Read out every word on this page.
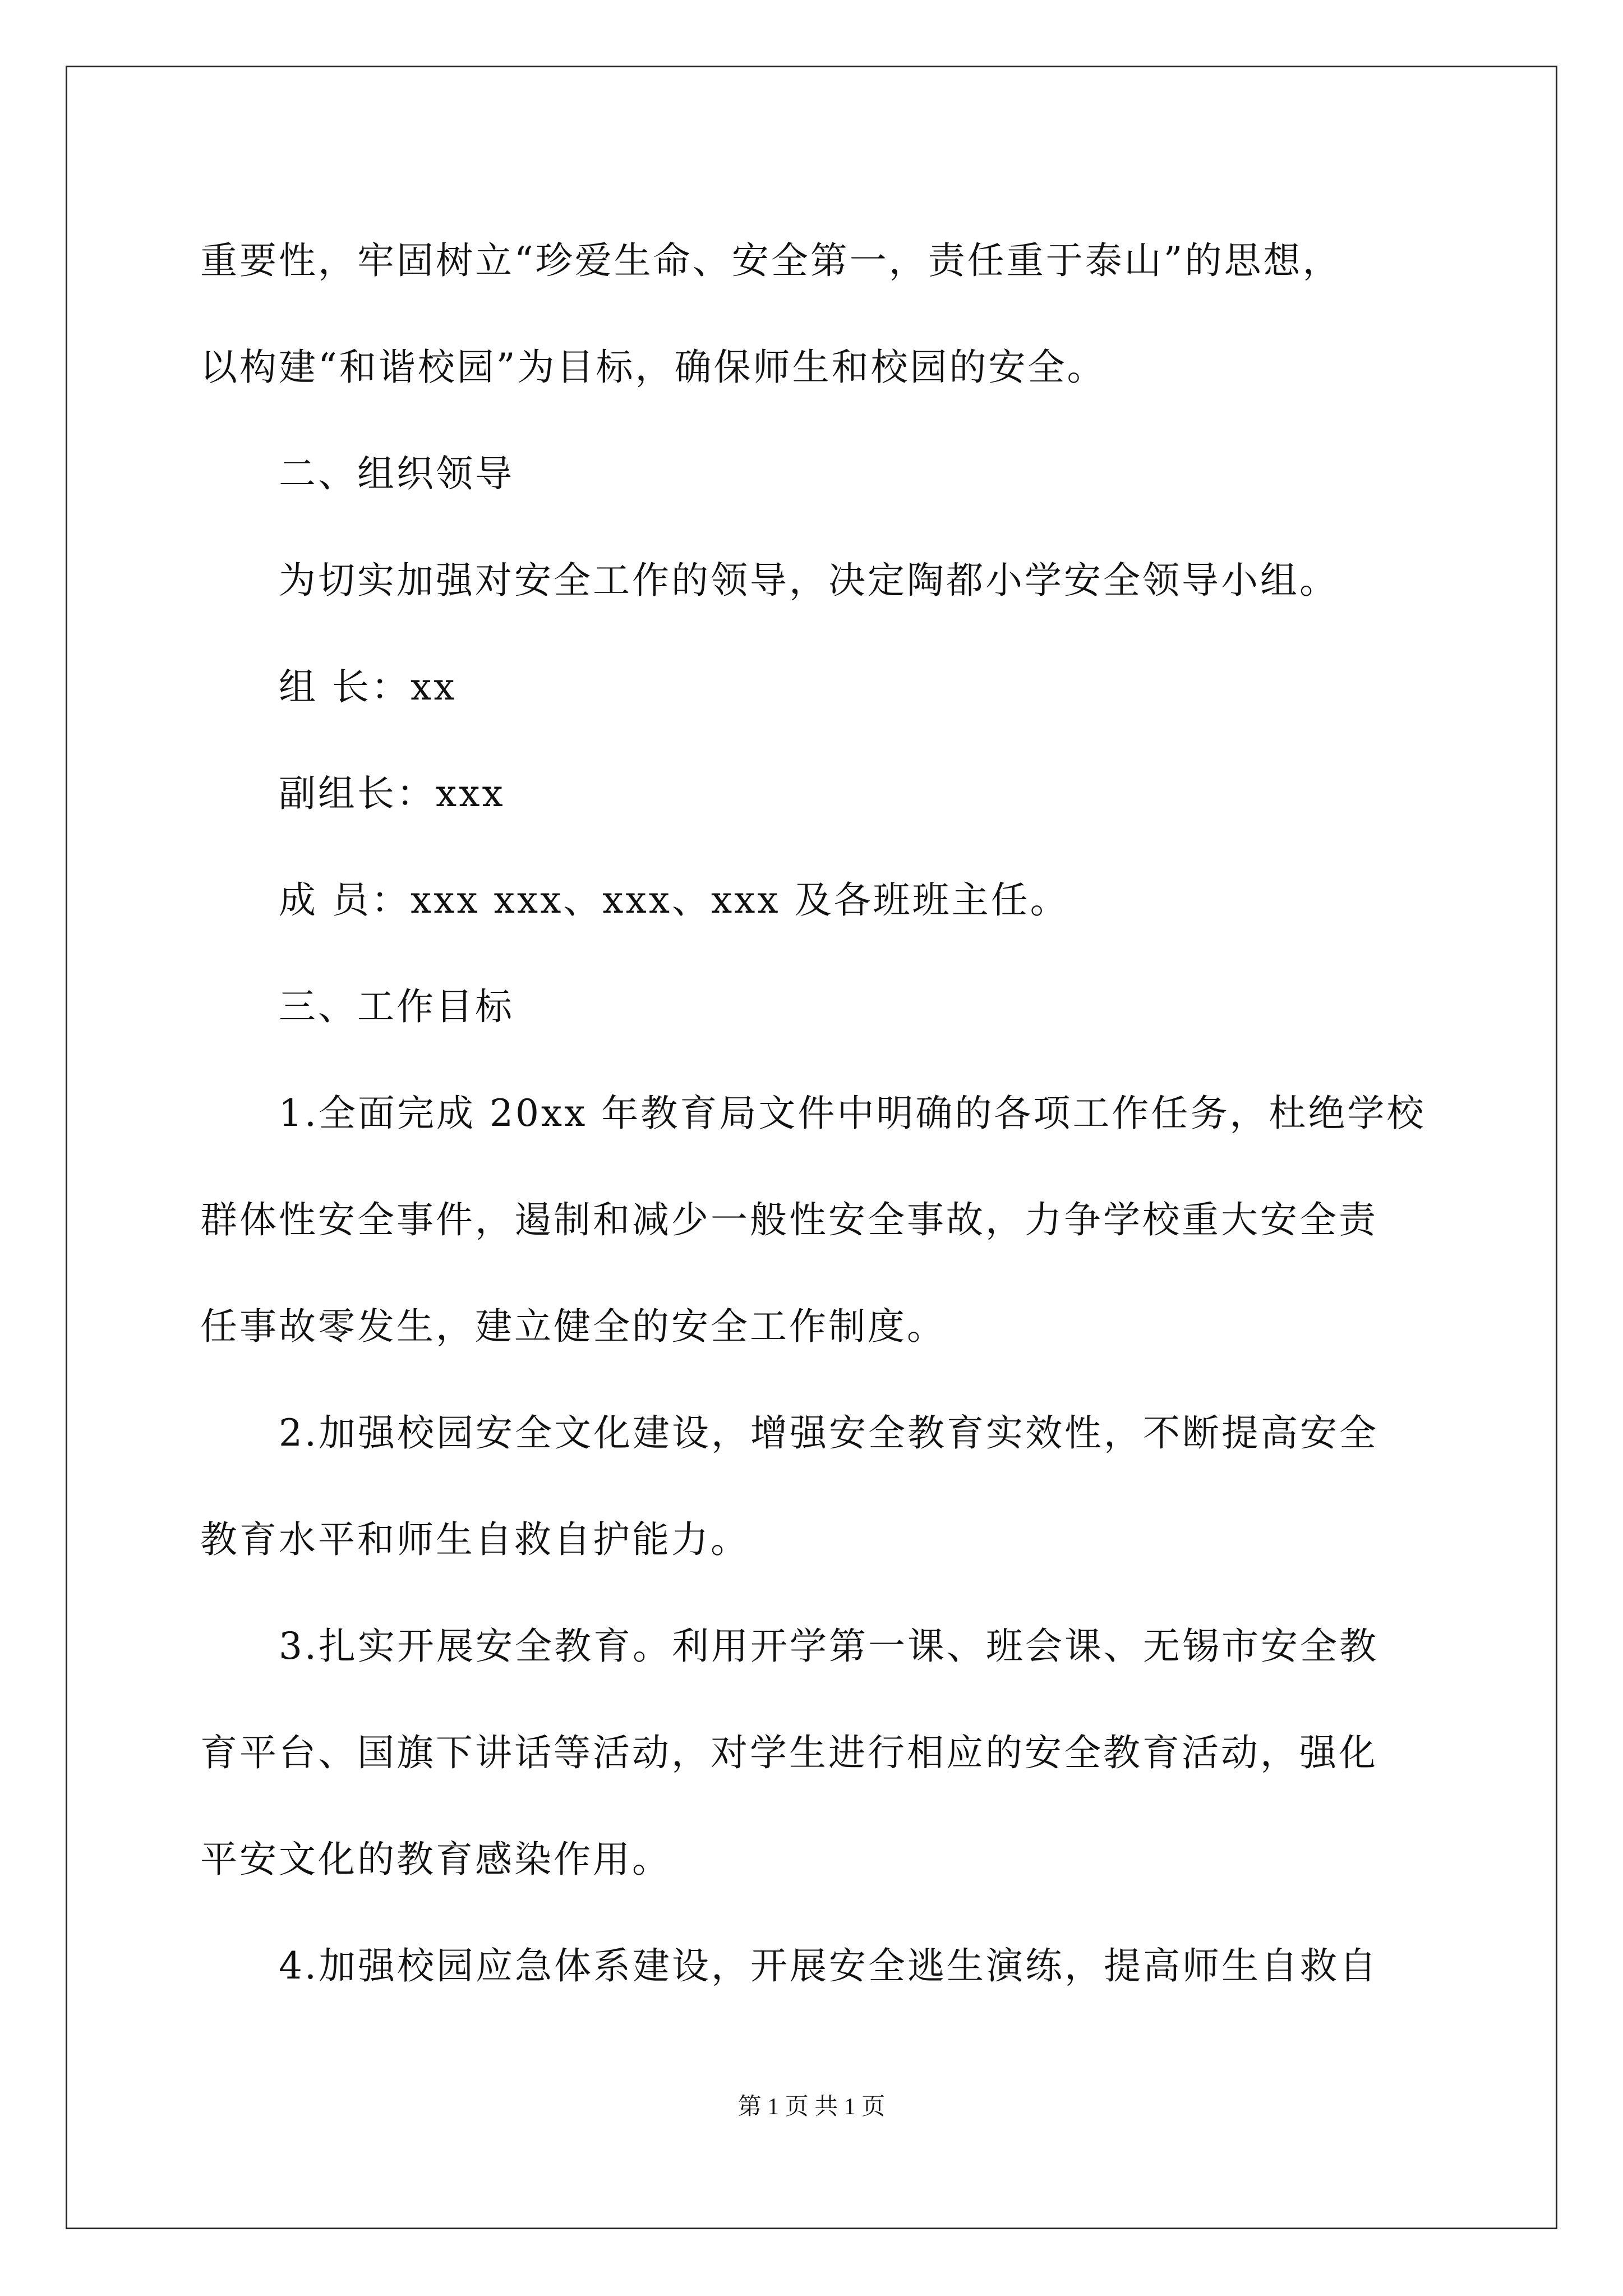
重要性，牢固树立“珍爱生命、安全第一，责任重于泰山”的思想，
以构建“和谐校园”为目标，确保师生和校园的安全。
二、组织领导
为切实加强对安全工作的领导，决定陶都小学安全领导小组。
组 长：xx
副组长：xxx
成 员：xxx xxx、xxx、xxx 及各班班主任。
三、工作目标
1.全面完成 20xx 年教育局文件中明确的各项工作任务，杜绝学校
群体性安全事件，遏制和减少一般性安全事故，力争学校重大安全责
任事故零发生，建立健全的安全工作制度。
2.加强校园安全文化建设，增强安全教育实效性，不断提高安全
教育水平和师生自救自护能力。
3.扎实开展安全教育。利用开学第一课、班会课、无锡市安全教
育平台、国旗下讲话等活动，对学生进行相应的安全教育活动，强化
平安文化的教育感染作用。
4.加强校园应急体系建设，开展安全逃生演练，提高师生自救自
第 1 页 共 1 页
